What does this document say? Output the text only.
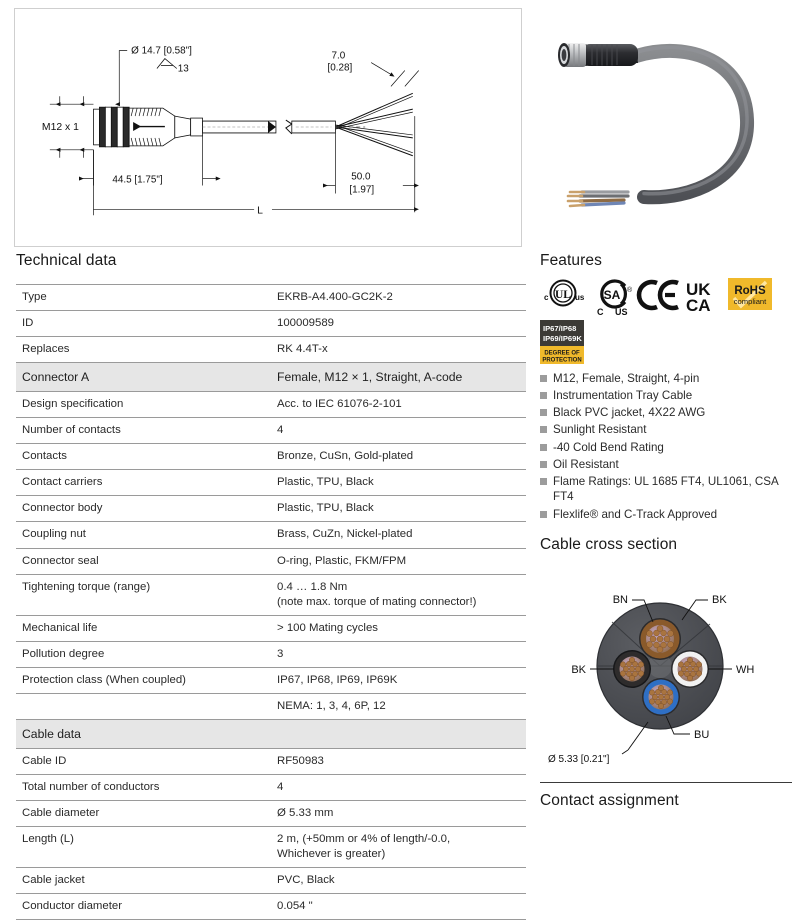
M12 x 1
Ø 14.7 [0.58"]
13
44.5 [1.75"]
7.0
[0.28]
50.0
[1.97]
L
Technical data
Type	EKRB-A4.400-GC2K-2

ID	100009589

Replaces	RK 4.4T-x

Connector A	Female, M12 × 1, Straight, A-code

Design specification	Acc. to IEC 61076-2-101

Number of contacts	4

Contacts	Bronze, CuSn, Gold-plated

Contact carriers	Plastic, TPU, Black

Connector body	Plastic, TPU, Black

Coupling nut	Brass, CuZn, Nickel-plated

Connector seal	O-ring, Plastic, FKM/FPM

Tightening torque (range)	0.4 … 1.8 Nm
(note max. torque of mating connector!)

Mechanical life	> 100 Mating cycles

Pollution degree	3

Protection class (When coupled)	IP67, IP68, IP69, IP69K

	NEMA: 1, 3, 4, 6P, 12

Cable data	

Cable ID	RF50983

Total number of conductors	4

Cable diameter	Ø 5.33 mm

Length (L)	2 m, (+50mm or 4% of length/-0.0,
Whichever is greater)

Cable jacket	PVC, Black

Conductor diameter	0.054 "
Features
UL
c	us SA ®
C US
UK
CA
RoHS
compliant
IP67/IP68
IP69/IP69K
DEGREE OF
PROTECTION
M12, Female, Straight, 4-pin
Instrumentation Tray Cable
Black PVC jacket, 4X22 AWG
Sunlight Resistant
-40 Cold Bend Rating
Oil Resistant
Flame Ratings: UL 1685 FT4, UL1061, CSA FT4
Flexlife® and C-Track Approved
Cable cross section
BN	BK
BK	WH
BU
Ø 5.33 [0.21"]
Contact assignment
